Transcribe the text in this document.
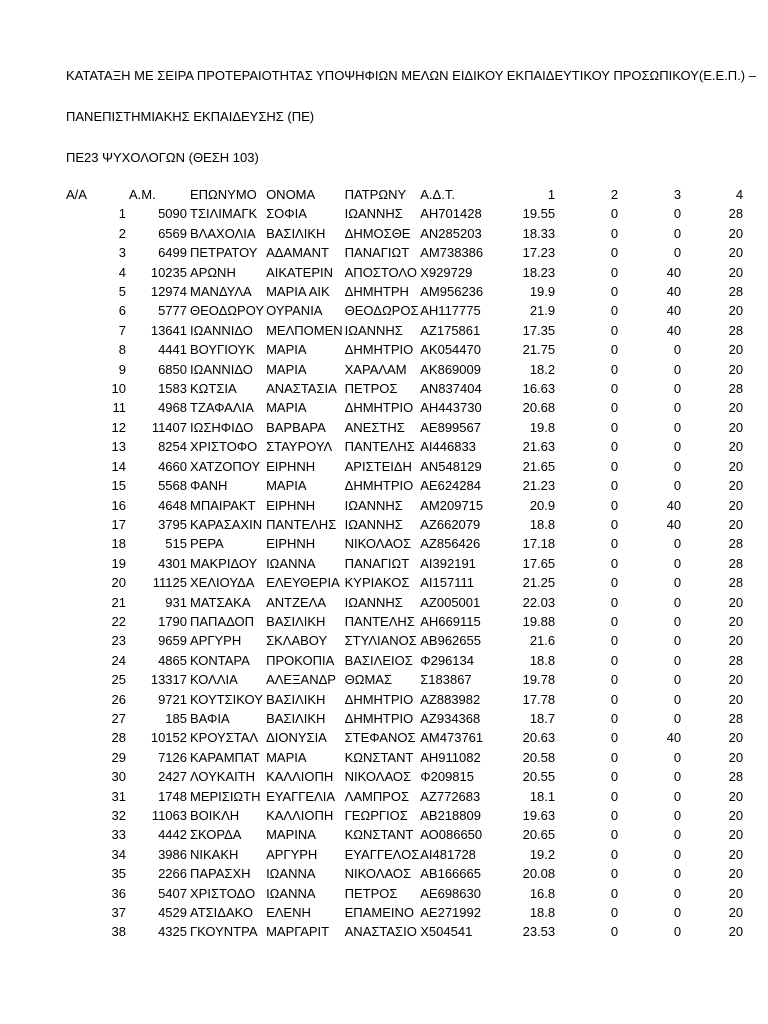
ΚΑΤΑΤΑΞΗ ΜΕ ΣΕΙΡΑ ΠΡΟΤΕΡΑΙΟΤΗΤΑΣ ΥΠΟΨΗΦΙΩΝ ΜΕΛΩΝ ΕΙΔΙΚΟΥ ΕΚΠΑΙΔΕΥΤΙΚΟΥ ΠΡΟΣΩΠΙΚΟΥ(Ε.Ε.Π.) –
ΠΑΝΕΠΙΣΤΗΜΙΑΚΗΣ ΕΚΠΑΙΔΕΥΣΗΣ (ΠΕ)
ΠΕ23 ΨΥΧΟΛΟΓΩΝ (ΘΕΣΗ 103)
Α/Α	Α.Μ.	ΕΠΩΝΥΜΟ	ΟΝΟΜΑ	ΠΑΤΡΩΝΥ	Α.Δ.Τ.	1	2	3	4
1	5090	ΤΣΙΛΙΜΑΓΚ	ΣΟΦΙΑ	ΙΩΑΝΝΗΣ	ΑΗ701428	19.55	0	0	28
2	6569	ΒΛΑΧΟΛΙΑ	ΒΑΣΙΛΙΚΗ	ΔΗΜΟΣΘΕ	ΑΝ285203	18.33	0	0	20
3	6499	ΠΕΤΡΑΤΟΥ	ΑΔΑΜΑΝΤ	ΠΑΝΑΓΙΩΤ	ΑΜ738386	17.23	0	0	20
4	10235	ΑΡΩΝΗ	ΑΙΚΑΤΕΡΙΝ	ΑΠΟΣΤΟΛΟ	Χ929729	18.23	0	40	20
5	12974	ΜΑΝΔΥΛΑ	ΜΑΡΙΑ ΑΙΚ	ΔΗΜΗΤΡΗ	ΑΜ956236	19.9	0	40	28
6	5777	ΘΕΟΔΩΡΟΥ	ΟΥΡΑΝΙΑ	ΘΕΟΔΩΡΟΣ	ΑΗ117775	21.9	0	40	20
7	13641	ΙΩΑΝΝΙΔΟ	ΜΕΛΠΟΜΕΝ	ΙΩΑΝΝΗΣ	ΑΖ175861	17.35	0	40	28
8	4441	ΒΟΥΓΙΟΥΚ	ΜΑΡΙΑ	ΔΗΜΗΤΡΙΟ	ΑΚ054470	21.75	0	0	20
9	6850	ΙΩΑΝΝΙΔΟ	ΜΑΡΙΑ	ΧΑΡΑΛΑΜ	ΑΚ869009	18.2	0	0	20
10	1583	ΚΩΤΣΙΑ	ΑΝΑΣΤΑΣΙΑ	ΠΕΤΡΟΣ	ΑΝ837404	16.63	0	0	28
11	4968	ΤΖΑΦΑΛΙΑ	ΜΑΡΙΑ	ΔΗΜΗΤΡΙΟ	ΑΗ443730	20.68	0	0	20
12	11407	ΙΩΣΗΦΙΔΟ	ΒΑΡΒΑΡΑ	ΑΝΕΣΤΗΣ	ΑΕ899567	19.8	0	0	20
13	8254	ΧΡΙΣΤΟΦΟ	ΣΤΑΥΡΟΥΛ	ΠΑΝΤΕΛΗΣ	ΑΙ446833	21.63	0	0	20
14	4660	ΧΑΤΖΟΠΟΥ	ΕΙΡΗΝΗ	ΑΡΙΣΤΕΙΔΗ	ΑΝ548129	21.65	0	0	20
15	5568	ΦΑΝΗ	ΜΑΡΙΑ	ΔΗΜΗΤΡΙΟ	ΑΕ624284	21.23	0	0	20
16	4648	ΜΠΑΙΡΑΚΤ	ΕΙΡΗΝΗ	ΙΩΑΝΝΗΣ	ΑΜ209715	20.9	0	40	20
17	3795	ΚΑΡΑΣΑΧΙΝ	ΠΑΝΤΕΛΗΣ	ΙΩΑΝΝΗΣ	ΑΖ662079	18.8	0	40	20
18	515	ΡΕΡΑ	ΕΙΡΗΝΗ	ΝΙΚΟΛΑΟΣ	ΑΖ856426	17.18	0	0	28
19	4301	ΜΑΚΡΙΔΟΥ	ΙΩΑΝΝΑ	ΠΑΝΑΓΙΩΤ	ΑΙ392191	17.65	0	0	28
20	11125	ΧΕΛΙΟΥΔΑ	ΕΛΕΥΘΕΡΙΑ	ΚΥΡΙΑΚΟΣ	ΑΙ157111	21.25	0	0	28
21	931	ΜΑΤΣΑΚΑ	ΑΝΤΖΕΛΑ	ΙΩΑΝΝΗΣ	ΑΖ005001	22.03	0	0	20
22	1790	ΠΑΠΑΔΟΠ	ΒΑΣΙΛΙΚΗ	ΠΑΝΤΕΛΗΣ	ΑΗ669115	19.88	0	0	20
23	9659	ΑΡΓΥΡΗ	ΣΚΛΑΒΟΥ	ΣΤΥΛΙΑΝΟΣ	ΑΒ962655	21.6	0	0	20
24	4865	ΚΟΝΤΑΡΑ	ΠΡΟΚΟΠΙΑ	ΒΑΣΙΛΕΙΟΣ	Φ296134	18.8	0	0	28
25	13317	ΚΟΛΛΙΑ	ΑΛΕΞΑΝΔΡ	ΘΩΜΑΣ	Σ183867	19.78	0	0	20
26	9721	ΚΟΥΤΣΙΚΟΥ	ΒΑΣΙΛΙΚΗ	ΔΗΜΗΤΡΙΟ	ΑΖ883982	17.78	0	0	20
27	185	ΒΑΦΙΑ	ΒΑΣΙΛΙΚΗ	ΔΗΜΗΤΡΙΟ	ΑΖ934368	18.7	0	0	28
28	10152	ΚΡΟΥΣΤΑΛ	ΔΙΟΝΥΣΙΑ	ΣΤΕΦΑΝΟΣ	ΑΜ473761	20.63	0	40	20
29	7126	ΚΑΡΑΜΠΑΤ	ΜΑΡΙΑ	ΚΩΝΣΤΑΝΤ	ΑΗ911082	20.58	0	0	20
30	2427	ΛΟΥΚΑΙΤΗ	ΚΑΛΛΙΟΠΗ	ΝΙΚΟΛΑΟΣ	Φ209815	20.55	0	0	28
31	1748	ΜΕΡΙΣΙΩΤΗ	ΕΥΑΓΓΕΛΙΑ	ΛΑΜΠΡΟΣ	ΑΖ772683	18.1	0	0	20
32	11063	ΒΟΙΚΛΗ	ΚΑΛΛΙΟΠΗ	ΓΕΩΡΓΙΟΣ	ΑΒ218809	19.63	0	0	20
33	4442	ΣΚΟΡΔΑ	ΜΑΡΙΝΑ	ΚΩΝΣΤΑΝΤ	ΑΟ086650	20.65	0	0	20
34	3986	ΝΙΚΑΚΗ	ΑΡΓΥΡΗ	ΕΥΑΓΓΕΛΟΣ	ΑΙ481728	19.2	0	0	20
35	2266	ΠΑΡΑΣΧΗ	ΙΩΑΝΝΑ	ΝΙΚΟΛΑΟΣ	ΑΒ166665	20.08	0	0	20
36	5407	ΧΡΙΣΤΟΔΟ	ΙΩΑΝΝΑ	ΠΕΤΡΟΣ	ΑΕ698630	16.8	0	0	20
37	4529	ΑΤΣΙΔΑΚΟ	ΕΛΕΝΗ	ΕΠΑΜΕΙΝΟ	ΑΕ271992	18.8	0	0	20
38	4325	ΓΚΟΥΝΤΡΑ	ΜΑΡΓΑΡΙΤ	ΑΝΑΣΤΑΣΙΟ	Χ504541	23.53	0	0	20
